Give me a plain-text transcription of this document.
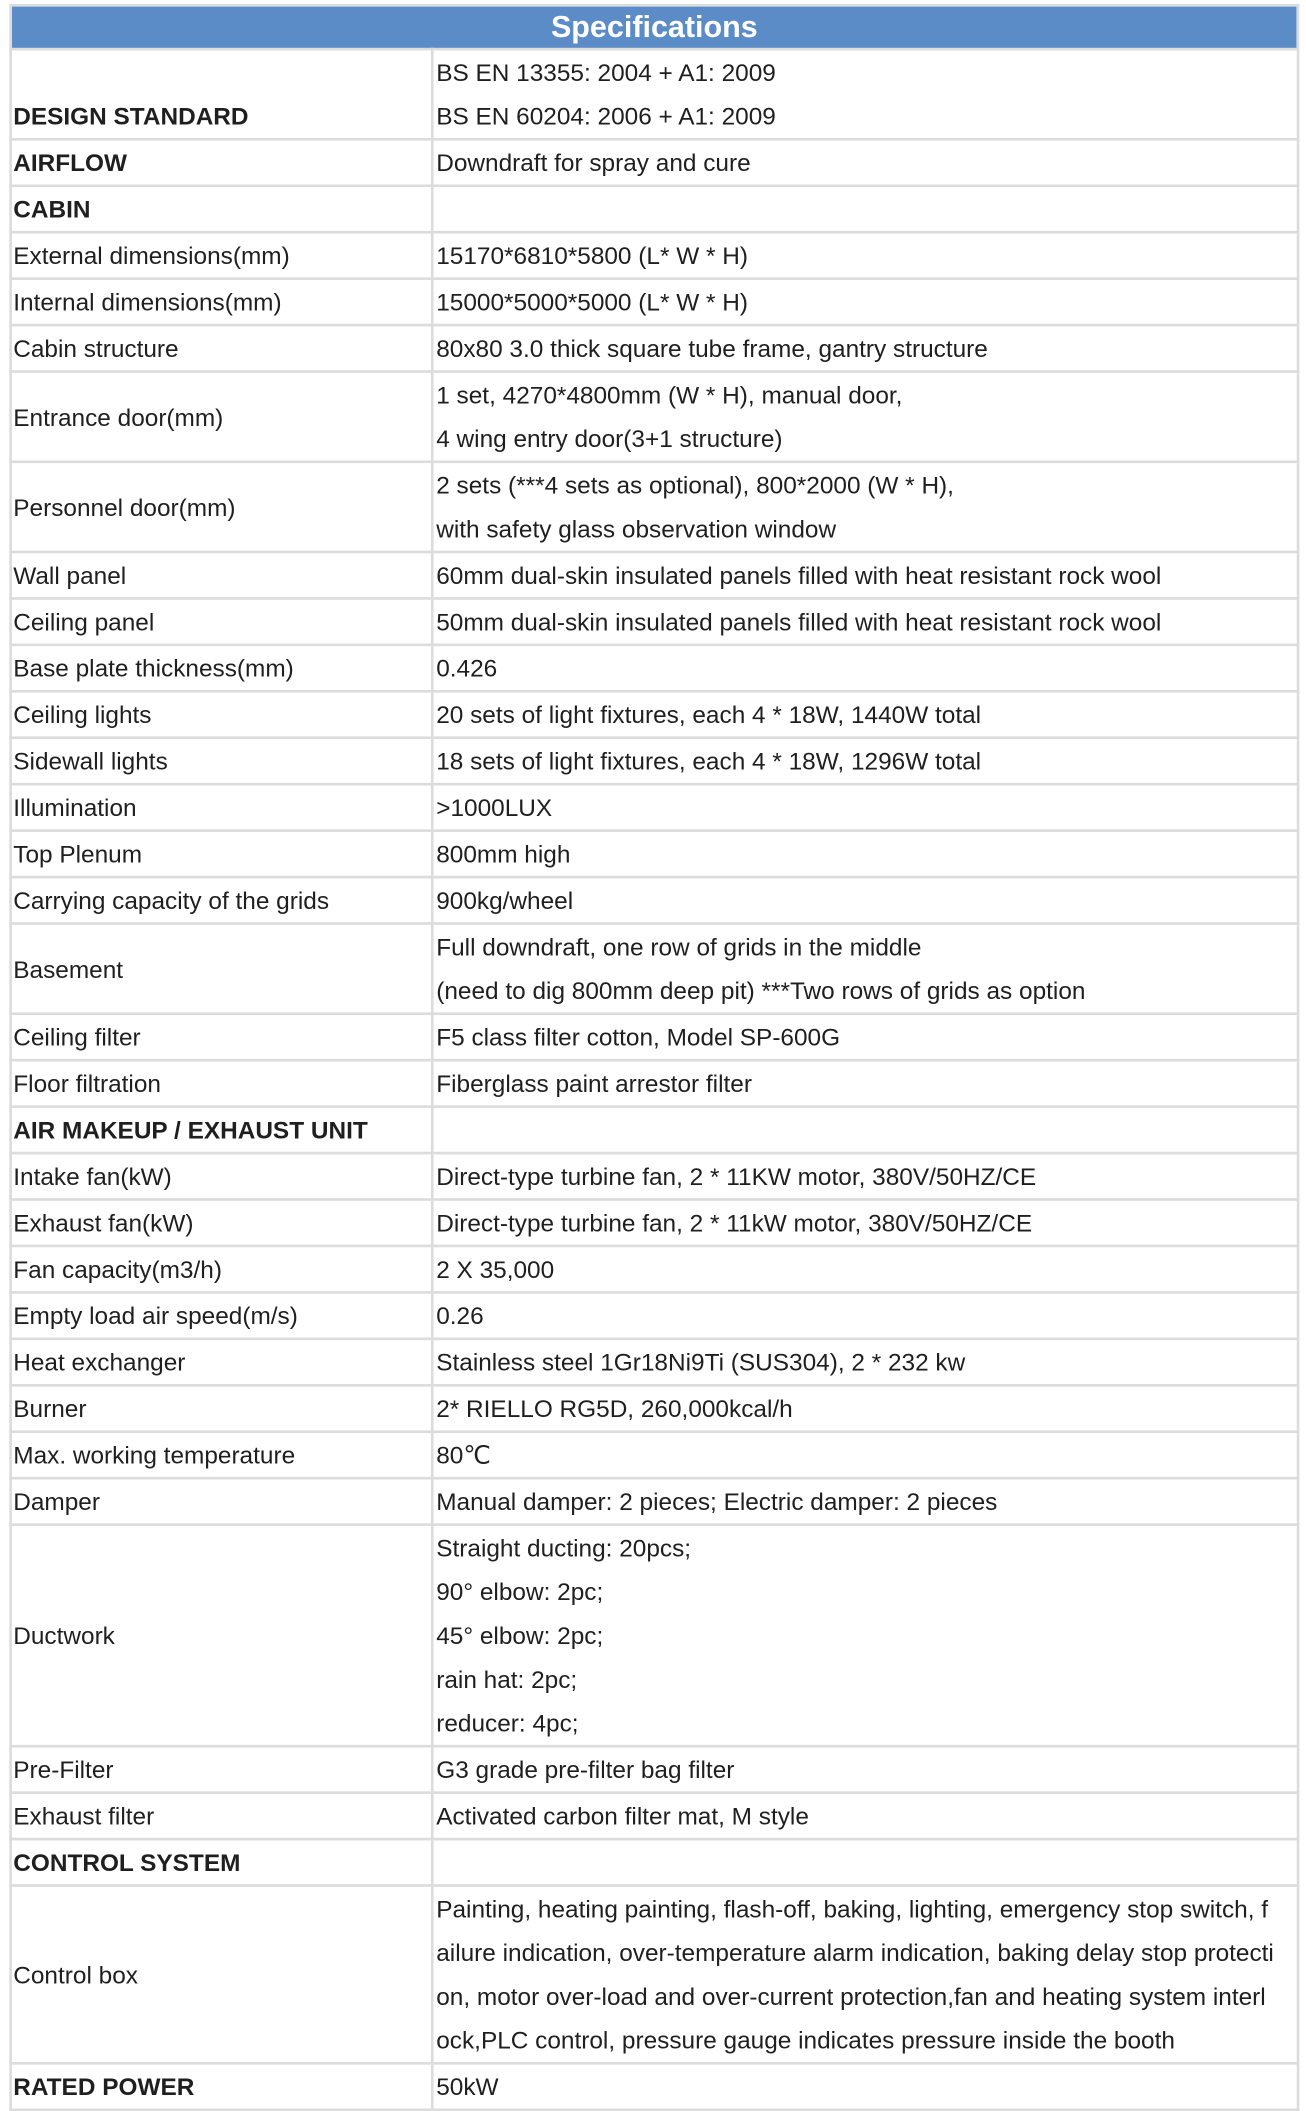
Specifications	
DESIGN STANDARD	BS EN 13355: 2004 + A1: 2009
BS EN 60204: 2006 + A1: 2009

AIRFLOW	Downdraft for spray and cure

CABIN	

External dimensions(mm)	15170*6810*5800 (L* W * H)

Internal dimensions(mm)	15000*5000*5000 (L* W * H)

Cabin structure	80x80 3.0 thick square tube frame, gantry structure

Entrance door(mm)	1 set, 4270*4800mm (W * H), manual door,
4 wing entry door(3+1 structure)

Personnel door(mm)	2 sets (***4 sets as optional), 800*2000 (W * H),
with safety glass observation window

Wall panel	60mm dual-skin insulated panels filled with heat resistant rock wool

Ceiling panel	50mm dual-skin insulated panels filled with heat resistant rock wool

Base plate thickness(mm)	0.426

Ceiling lights	20 sets of light fixtures, each 4 * 18W, 1440W total

Sidewall lights	18 sets of light fixtures, each 4 * 18W, 1296W total

Illumination	>1000LUX

Top Plenum	800mm high

Carrying capacity of the grids	900kg/wheel

Basement	Full downdraft, one row of grids in the middle
(need to dig 800mm deep pit) ***Two rows of grids as option

Ceiling filter	F5 class filter cotton, Model SP-600G

Floor filtration	Fiberglass paint arrestor filter

AIR MAKEUP / EXHAUST UNIT	

Intake fan(kW)	Direct-type turbine fan, 2 * 11KW motor, 380V/50HZ/CE

Exhaust fan(kW)	Direct-type turbine fan, 2 * 11kW motor, 380V/50HZ/CE

Fan capacity(m3/h)	2 X 35,000

Empty load air speed(m/s)	0.26

Heat exchanger	Stainless steel 1Gr18Ni9Ti (SUS304), 2 * 232 kw

Burner	2* RIELLO RG5D, 260,000kcal/h

Max. working temperature	80℃

Damper	Manual damper: 2 pieces; Electric damper: 2 pieces

Ductwork	Straight ducting: 20pcs;
90° elbow: 2pc;
45° elbow: 2pc;
rain hat: 2pc;
reducer: 4pc;

Pre-Filter	G3 grade pre-filter bag filter

Exhaust filter	Activated carbon filter mat, M style

CONTROL SYSTEM	

Control box	Painting, heating painting, flash-off, baking, lighting, emergency stop switch, f
ailure indication, over-temperature alarm indication, baking delay stop protecti
on, motor over-load and over-current protection,fan and heating system interl
ock,PLC control, pressure gauge indicates pressure inside the booth

RATED POWER	50kW
